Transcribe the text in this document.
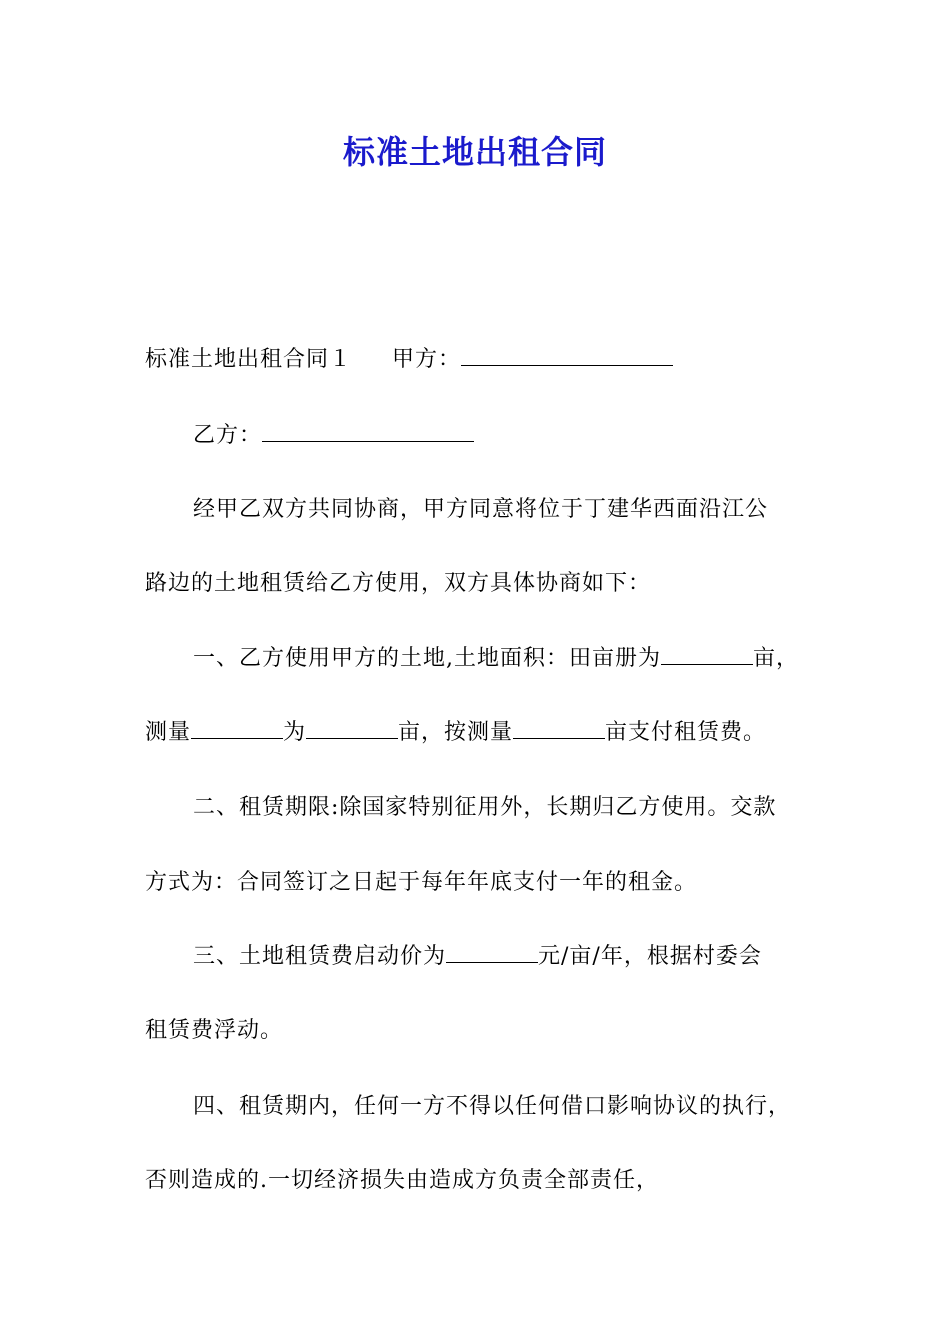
标准土地出租合同
标准土地出租合同１ 甲方：
乙方：
经甲乙双方共同协商，甲方同意将位于丁建华西面沿江公
路边的土地租赁给乙方使用，双方具体协商如下：
一、乙方使用甲方的土地,土地面积：田亩册为	亩，
测量	为	亩，按测量	亩支付租赁费。
二、租赁期限:除国家特别征用外，长期归乙方使用。交款
方式为：合同签订之日起于每年年底支付一年的租金。
三、土地租赁费启动价为	元/亩/年，根据村委会
租赁费浮动。
四、租赁期内，任何一方不得以任何借口影响协议的执行，
否则造成的.一切经济损失由造成方负责全部责任，
